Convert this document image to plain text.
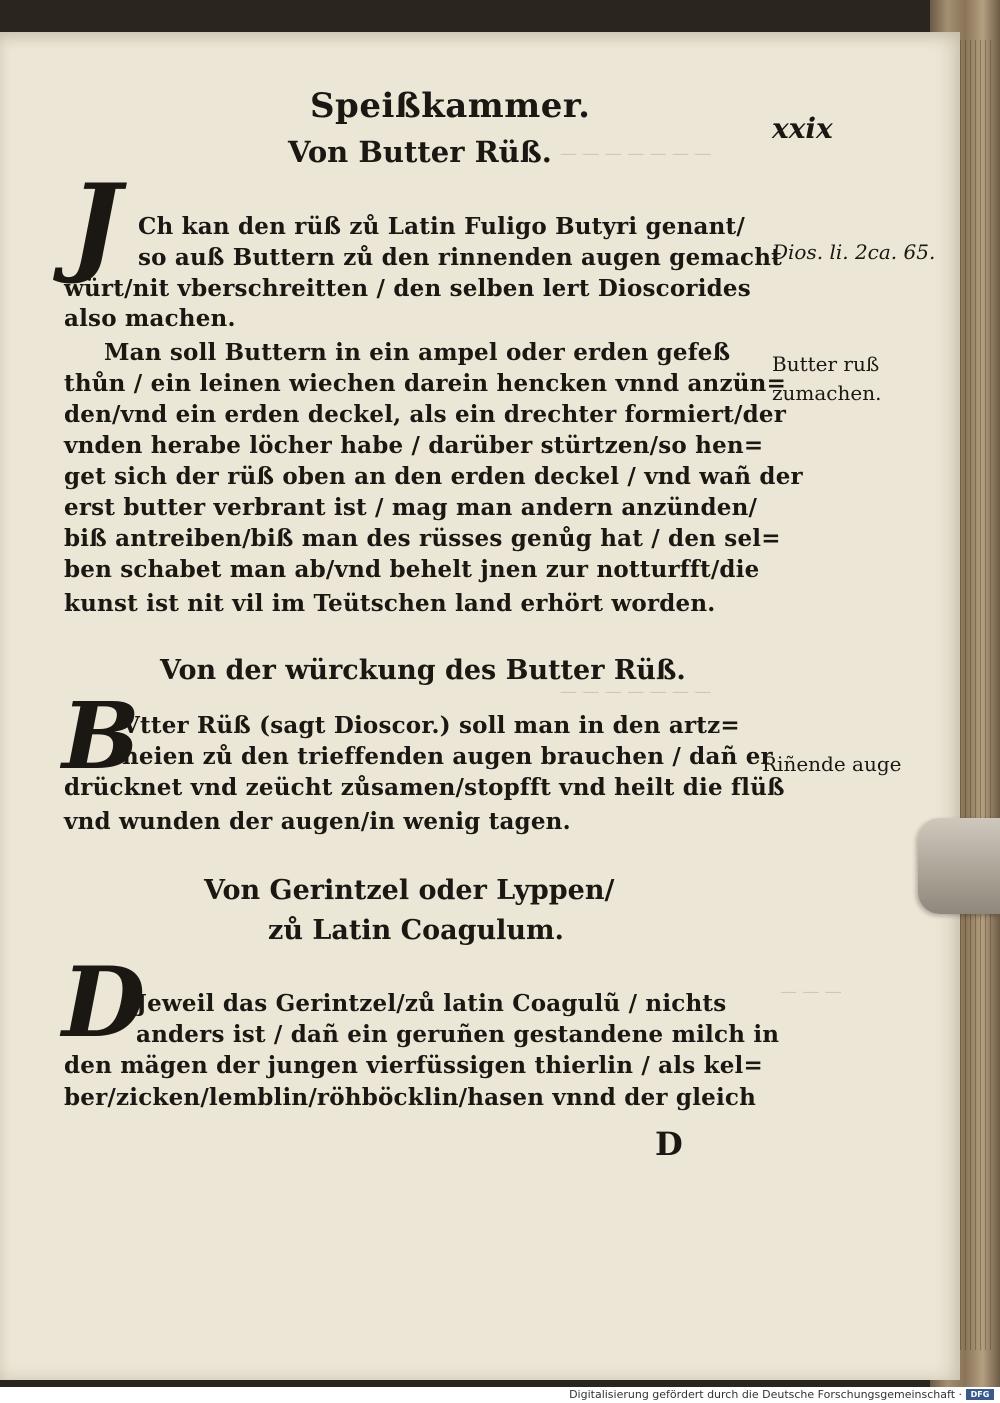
— — — — — — —
— — — — — — —
— — —
Speißkammer.
xxix
Von Butter Rüß.
J Ch kan den rüß zů Latin Fuligo Butyri genant/
so auß Buttern zů den rinnenden augen gemacht
würt/nit vberschreitten / den selben lert Dioscorides
also machen.
Man soll Buttern in ein ampel oder erden gefeß
thůn / ein leinen wiechen darein hencken vnnd anzün=
den/vnd ein erden deckel, als ein drechter formiert/der
vnden herabe löcher habe / darüber stürtzen/so hen=
get sich der rüß oben an den erden deckel / vnd wañ der
erst butter verbrant ist / mag man andern anzünden/
biß antreiben/biß man des rüsses genůg hat / den sel=
ben schabet man ab/vnd behelt jnen zur notturfft/die
kunst ist nit vil im Teütschen land erhört worden.
Von der würckung des Butter Rüß.
B
Vtter Rüß (sagt Dioscor.) soll man in den artz=
neien zů den trieffenden augen brauchen / dañ er
drücknet vnd zeücht zůsamen/stopfft vnd heilt die flüß
vnd wunden der augen/in wenig tagen.
Von Gerintzel oder Lyppen/
zů Latin Coagulum.
D
Jeweil das Gerintzel/zů latin Coagulũ / nichts
anders ist / dañ ein geruñen gestandene milch in
den mägen der jungen vierfüssigen thierlin / als kel=
ber/zicken/lemblin/röhböcklin/hasen vnnd der gleich
D
Dios. li. 2ca. 65.
Butter ruß
zumachen.
Riñende auge
Digitalisierung gefördert durch die Deutsche Forschungsgemeinschaft ·	DFG
